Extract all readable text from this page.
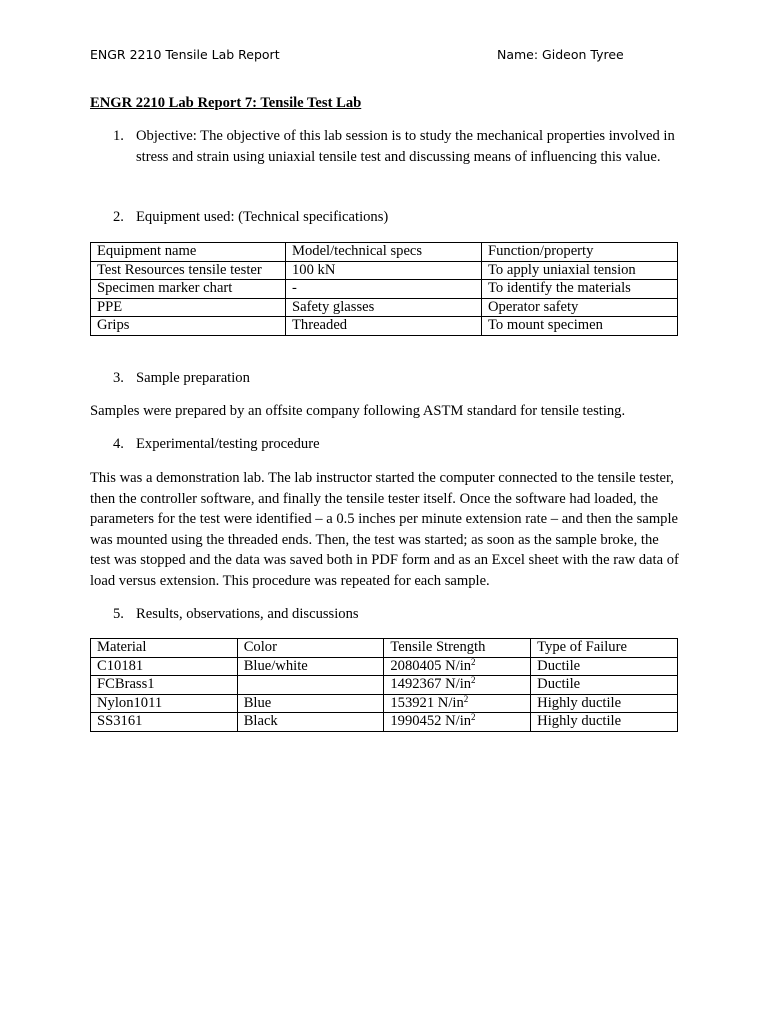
ENGR 2210 Tensile Lab Report	Name: Gideon Tyree
ENGR 2210 Lab Report 7: Tensile Test Lab
1. Objective: The objective of this lab session is to study the mechanical properties involved in stress and strain using uniaxial tensile test and discussing means of influencing this value.
2. Equipment used: (Technical specifications)
Equipment name	Model/technical specs	Function/property
Test Resources tensile tester	100 kN	To apply uniaxial tension
Specimen marker chart	-	To identify the materials
PPE	Safety glasses	Operator safety
Grips	Threaded	To mount specimen
3. Sample preparation
Samples were prepared by an offsite company following ASTM standard for tensile testing.
4. Experimental/testing procedure
This was a demonstration lab. The lab instructor started the computer connected to the tensile tester, then the controller software, and finally the tensile tester itself. Once the software had loaded, the parameters for the test were identified – a 0.5 inches per minute extension rate – and then the sample was mounted using the threaded ends. Then, the test was started; as soon as the sample broke, the test was stopped and the data was saved both in PDF form and as an Excel sheet with the raw data of load versus extension. This procedure was repeated for each sample.
5. Results, observations, and discussions
Material	Color	Tensile Strength	Type of Failure
C10181	Blue/white	2080405 $N/in^2$	Ductile
FCBrass1		1492367 $N/in^2$	Ductile
Nylon1011	Blue	153921 $N/in^2$	Highly ductile
SS3161	Black	1990452 $N/in^2$	Highly ductile
